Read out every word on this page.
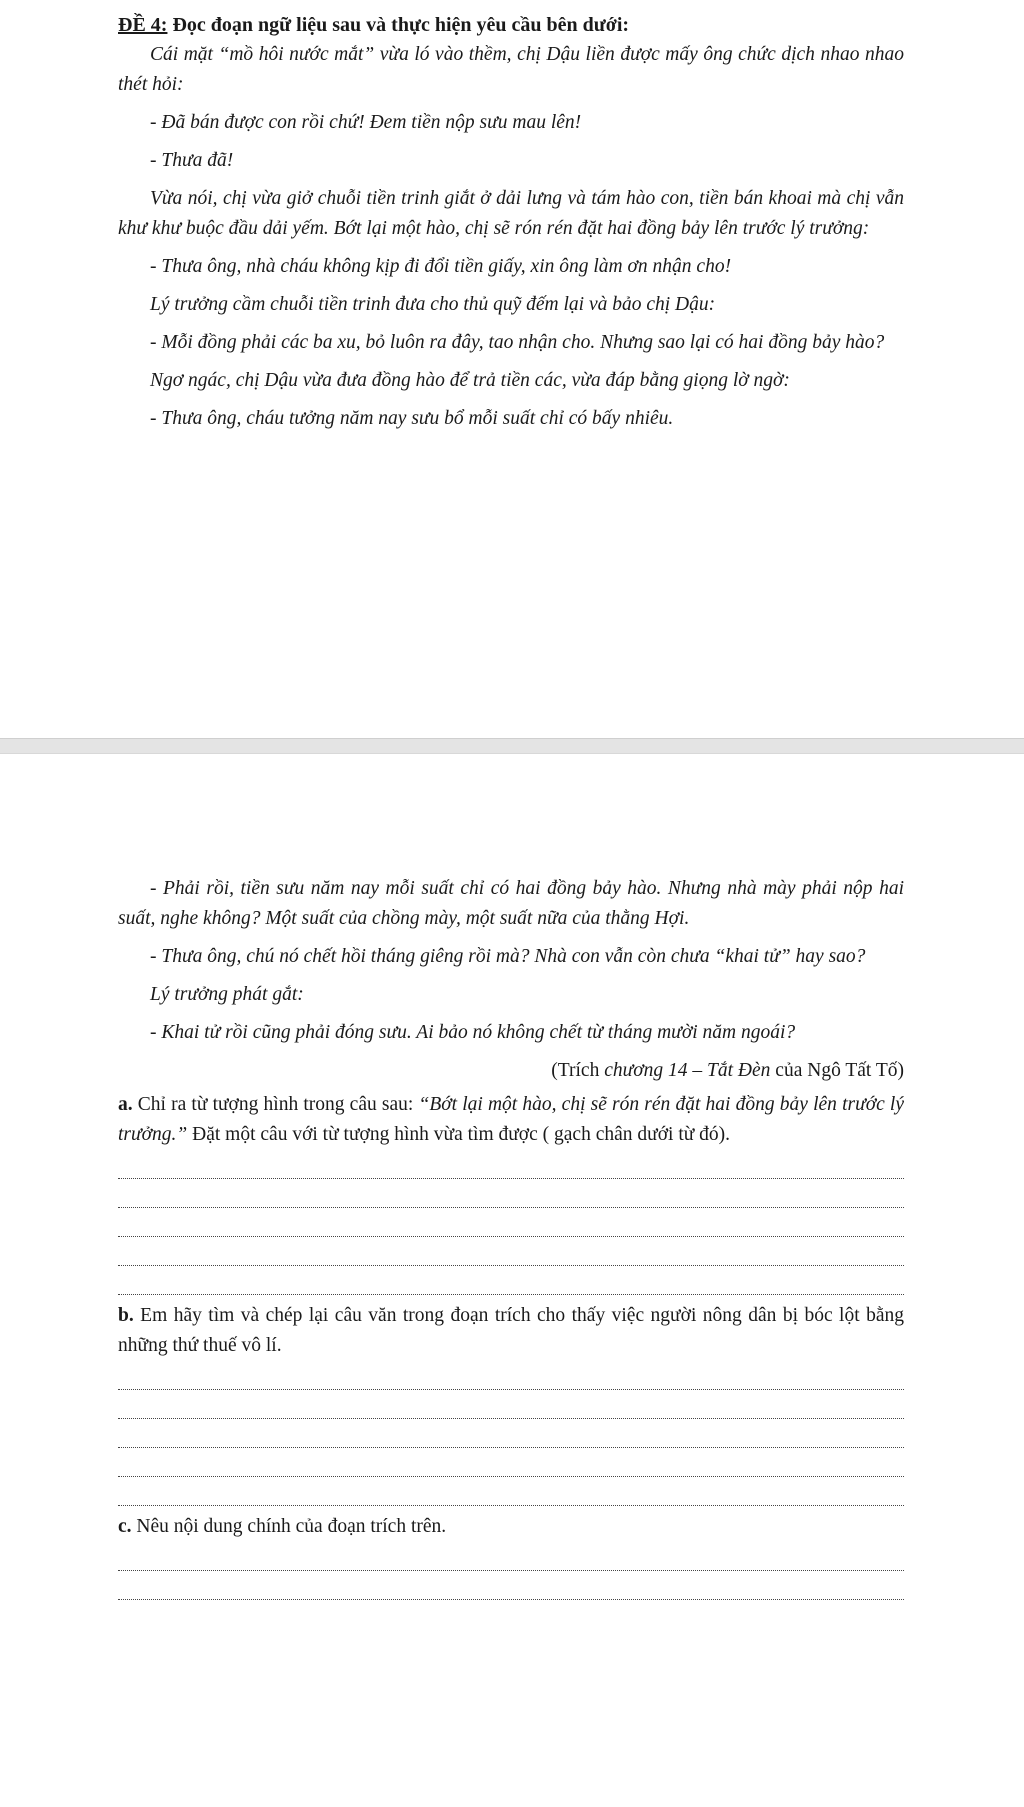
ĐỀ 4: Đọc đoạn ngữ liệu sau và thực hiện yêu cầu bên dưới:

Cái mặt “mồ hôi nước mắt” vừa ló vào thềm, chị Dậu liền được mấy ông chức dịch nhao nhao thét hỏi:

- Đã bán được con rồi chứ! Đem tiền nộp sưu mau lên!

- Thưa đã!

Vừa nói, chị vừa giở chuỗi tiền trinh giắt ở dải lưng và tám hào con, tiền bán khoai mà chị vẫn khư khư buộc đầu dải yếm. Bớt lại một hào, chị sẽ rón rén đặt hai đồng bảy lên trước lý trưởng:

- Thưa ông, nhà cháu không kịp đi đổi tiền giấy, xin ông làm ơn nhận cho!

Lý trưởng cầm chuỗi tiền trinh đưa cho thủ quỹ đếm lại và bảo chị Dậu:

- Mỗi đồng phải các ba xu, bỏ luôn ra đây, tao nhận cho. Nhưng sao lại có hai đồng bảy hào?

Ngơ ngác, chị Dậu vừa đưa đồng hào để trả tiền các, vừa đáp bằng giọng lờ ngờ:

- Thưa ông, cháu tưởng năm nay sưu bổ mỗi suất chỉ có bấy nhiêu.

- Phải rồi, tiền sưu năm nay mỗi suất chỉ có hai đồng bảy hào. Nhưng nhà mày phải nộp hai suất, nghe không? Một suất của chồng mày, một suất nữa của thằng Hợi.

- Thưa ông, chú nó chết hồi tháng giêng rồi mà? Nhà con vẫn còn chưa “khai tử” hay sao?

Lý trưởng phát gắt:

- Khai tử rồi cũng phải đóng sưu. Ai bảo nó không chết từ tháng mười năm ngoái?

(Trích chương 14 – Tắt Đèn của Ngô Tất Tố)

a. Chỉ ra từ tượng hình trong câu sau: “Bớt lại một hào, chị sẽ rón rén đặt hai đồng bảy lên trước lý trưởng.” Đặt một câu với từ tượng hình vừa tìm được ( gạch chân dưới từ đó).

b. Em hãy tìm và chép lại câu văn trong đoạn trích cho thấy việc người nông dân bị bóc lột bằng những thứ thuế vô lí.

c. Nêu nội dung chính của đoạn trích trên.
